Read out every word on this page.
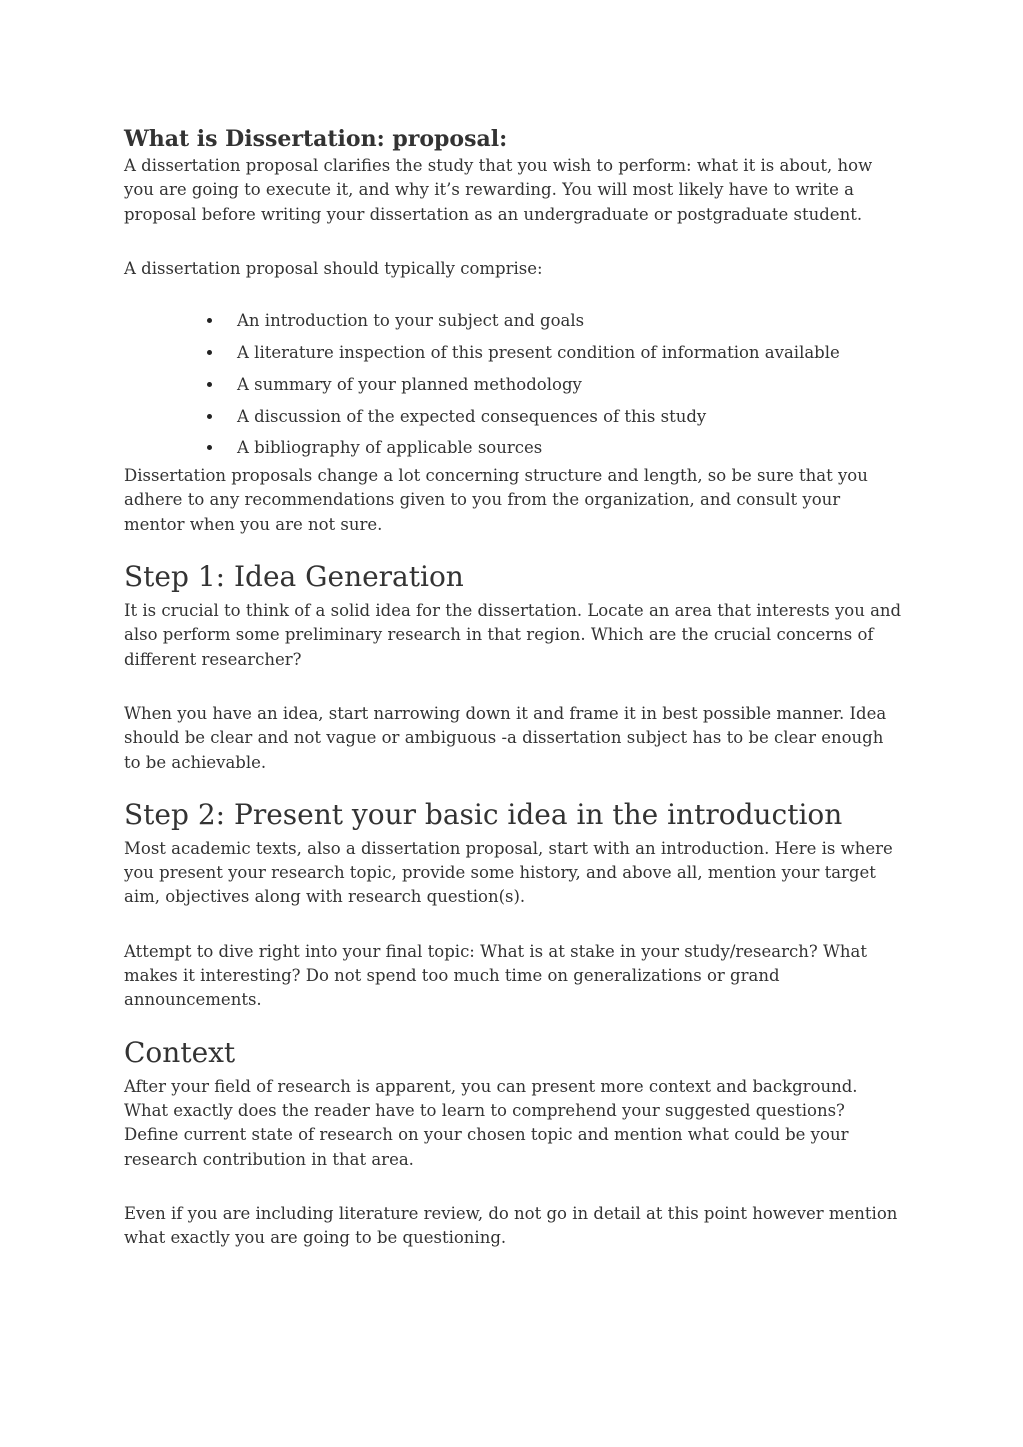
What is Dissertation: proposal:

A dissertation proposal clarifies the study that you wish to perform: what it is about, how you are going to execute it, and why it’s rewarding. You will most likely have to write a proposal before writing your dissertation as an undergraduate or postgraduate student.

A dissertation proposal should typically comprise:

An introduction to your subject and goals
A literature inspection of this present condition of information available
A summary of your planned methodology
A discussion of the expected consequences of this study
A bibliography of applicable sources

Dissertation proposals change a lot concerning structure and length, so be sure that you adhere to any recommendations given to you from the organization, and consult your mentor when you are not sure.

Step 1: Idea Generation

It is crucial to think of a solid idea for the dissertation. Locate an area that interests you and also perform some preliminary research in that region. Which are the crucial concerns of different researcher?

When you have an idea, start narrowing down it and frame it in best possible manner. Idea should be clear and not vague or ambiguous -a dissertation subject has to be clear enough to be achievable.

Step 2: Present your basic idea in the introduction

Most academic texts, also a dissertation proposal, start with an introduction. Here is where you present your research topic, provide some history, and above all, mention your target aim, objectives along with research question(s).

Attempt to dive right into your final topic: What is at stake in your study/research? What makes it interesting? Do not spend too much time on generalizations or grand announcements.

Context

After your field of research is apparent, you can present more context and background. What exactly does the reader have to learn to comprehend your suggested questions? Define current state of research on your chosen topic and mention what could be your research contribution in that area.

Even if you are including literature review, do not go in detail at this point however mention what exactly you are going to be questioning.
